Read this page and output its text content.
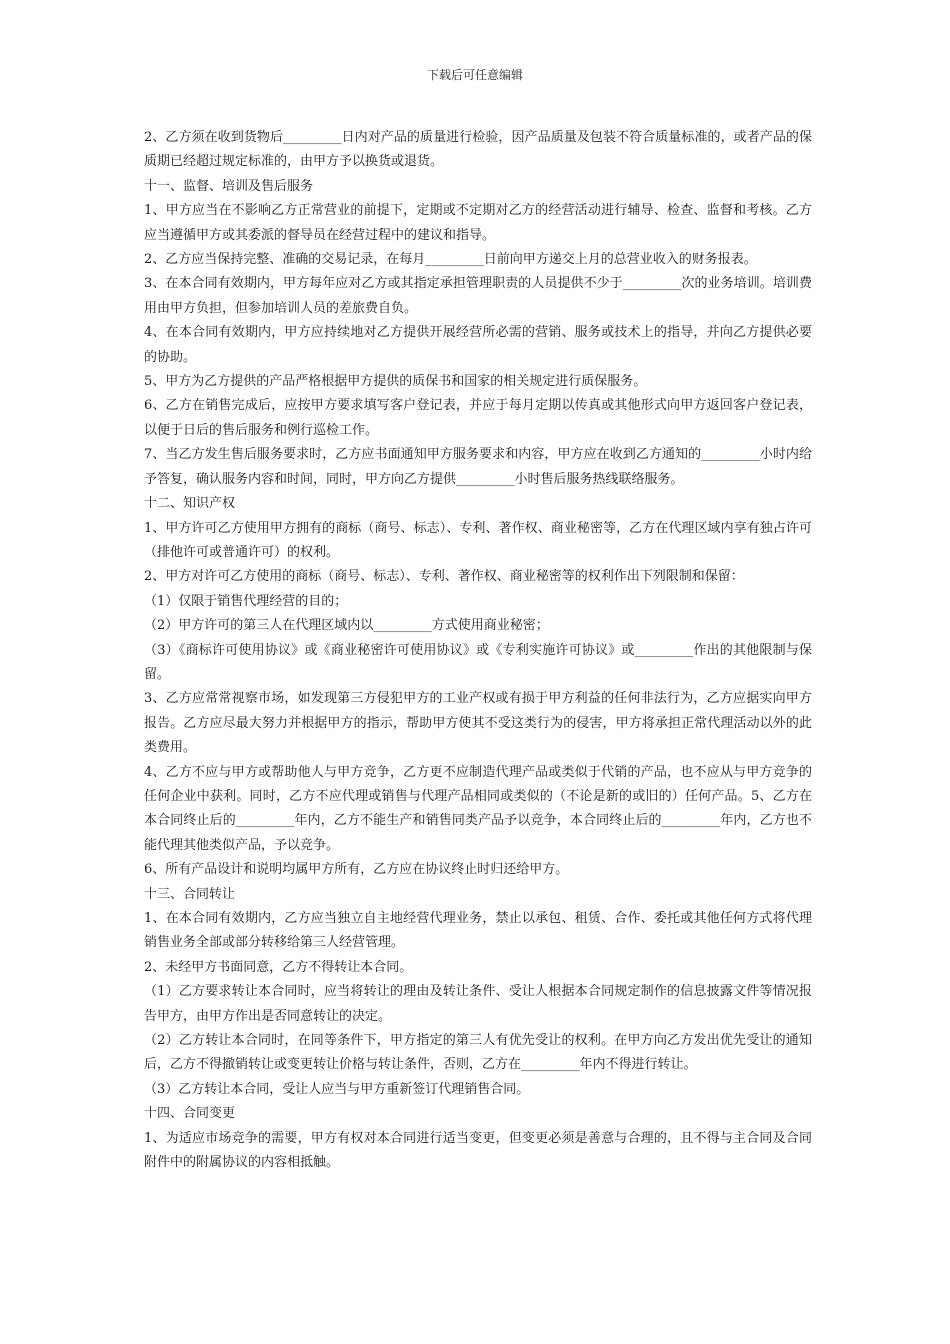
下载后可任意编辑

2、乙方须在收到货物后_________日内对产品的质量进行检验，因产品质量及包装不符合质量标准的，或者产品的保质期已经超过规定标准的，由甲方予以换货或退货。

十一、监督、培训及售后服务

1、甲方应当在不影响乙方正常营业的前提下，定期或不定期对乙方的经营活动进行辅导、检查、监督和考核。乙方应当遵循甲方或其委派的督导员在经营过程中的建议和指导。

2、乙方应当保持完整、准确的交易记录，在每月_________日前向甲方递交上月的总营业收入的财务报表。

3、在本合同有效期内，甲方每年应对乙方或其指定承担管理职责的人员提供不少于_________次的业务培训。培训费用由甲方负担，但参加培训人员的差旅费自负。

4、在本合同有效期内，甲方应持续地对乙方提供开展经营所必需的营销、服务或技术上的指导，并向乙方提供必要的协助。

5、甲方为乙方提供的产品严格根据甲方提供的质保书和国家的相关规定进行质保服务。

6、乙方在销售完成后，应按甲方要求填写客户登记表，并应于每月定期以传真或其他形式向甲方返回客户登记表，以便于日后的售后服务和例行巡检工作。

7、当乙方发生售后服务要求时，乙方应书面通知甲方服务要求和内容，甲方应在收到乙方通知的_________小时内给予答复，确认服务内容和时间，同时，甲方向乙方提供_________小时售后服务热线联络服务。

十二、知识产权

1、甲方许可乙方使用甲方拥有的商标（商号、标志）、专利、著作权、商业秘密等，乙方在代理区域内享有独占许可（排他许可或普通许可）的权利。

2、甲方对许可乙方使用的商标（商号、标志）、专利、著作权、商业秘密等的权利作出下列限制和保留：

（1）仅限于销售代理经营的目的；

（2）甲方许可的第三人在代理区域内以_________方式使用商业秘密；

（3）《商标许可使用协议》或《商业秘密许可使用协议》或《专利实施许可协议》或_________作出的其他限制与保留。

3、乙方应常常视察市场，如发现第三方侵犯甲方的工业产权或有损于甲方利益的任何非法行为，乙方应据实向甲方报告。乙方应尽最大努力并根据甲方的指示，帮助甲方使其不受这类行为的侵害，甲方将承担正常代理活动以外的此类费用。

4、乙方不应与甲方或帮助他人与甲方竞争，乙方更不应制造代理产品或类似于代销的产品，也不应从与甲方竞争的任何企业中获利。同时，乙方不应代理或销售与代理产品相同或类似的（不论是新的或旧的）任何产品。5、乙方在本合同终止后的_________年内，乙方不能生产和销售同类产品予以竞争，本合同终止后的_________年内，乙方也不能代理其他类似产品，予以竞争。

6、所有产品设计和说明均属甲方所有，乙方应在协议终止时归还给甲方。

十三、合同转让

1、在本合同有效期内，乙方应当独立自主地经营代理业务，禁止以承包、租赁、合作、委托或其他任何方式将代理销售业务全部或部分转移给第三人经营管理。

2、未经甲方书面同意，乙方不得转让本合同。

（1）乙方要求转让本合同时，应当将转让的理由及转让条件、受让人根据本合同规定制作的信息披露文件等情况报告甲方，由甲方作出是否同意转让的决定。

（2）乙方转让本合同时，在同等条件下，甲方指定的第三人有优先受让的权利。在甲方向乙方发出优先受让的通知后，乙方不得撤销转让或变更转让价格与转让条件，否则，乙方在_________年内不得进行转让。

（3）乙方转让本合同，受让人应当与甲方重新签订代理销售合同。

十四、合同变更

1、为适应市场竞争的需要，甲方有权对本合同进行适当变更，但变更必须是善意与合理的，且不得与主合同及合同附件中的附属协议的内容相抵触。
